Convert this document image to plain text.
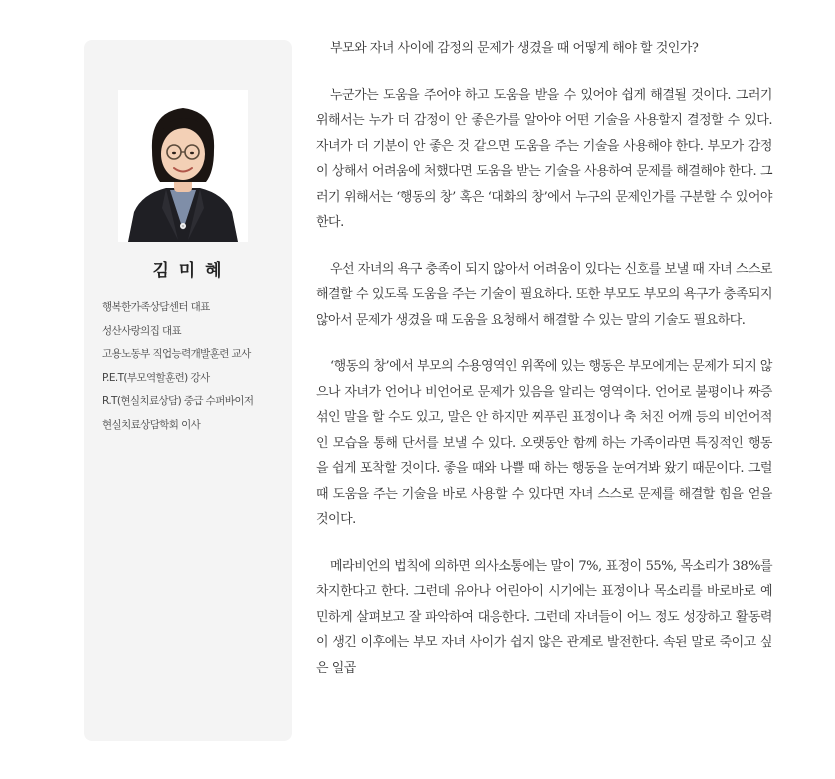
김 미 혜
행복한가족상담센터 대표
성산사랑의집 대표
고용노동부 직업능력개발훈련 교사
P.E.T(부모역할훈련) 강사
R.T(현실치료상담) 중급 수퍼바이저
현실치료상담학회 이사

부모와 자녀 사이에 감정의 문제가 생겼을 때 어떻게 해야 할 것인가?

누군가는 도움을 주어야 하고 도움을 받을 수 있어야 쉽게 해결될 것이다. 그러기 위해서는 누가 더 감정이 안 좋은가를 알아야 어떤 기술을 사용할지 결정할 수 있다. 자녀가 더 기분이 안 좋은 것 같으면 도움을 주는 기술을 사용해야 한다. 부모가 감정이 상해서 어려움에 처했다면 도움을 받는 기술을 사용하여 문제를 해결해야 한다. 그러기 위해서는 ‘행동의 창’ 혹은 ‘대화의 창’에서 누구의 문제인가를 구분할 수 있어야 한다.

우선 자녀의 욕구 충족이 되지 않아서 어려움이 있다는 신호를 보낼 때 자녀 스스로 해결할 수 있도록 도움을 주는 기술이 필요하다. 또한 부모도 부모의 욕구가 충족되지 않아서 문제가 생겼을 때 도움을 요청해서 해결할 수 있는 말의 기술도 필요하다.

‘행동의 창’에서 부모의 수용영역인 위쪽에 있는 행동은 부모에게는 문제가 되지 않으나 자녀가 언어나 비언어로 문제가 있음을 알리는 영역이다. 언어로 불평이나 짜증 섞인 말을 할 수도 있고, 말은 안 하지만 찌푸린 표정이나 축 처진 어깨 등의 비언어적인 모습을 통해 단서를 보낼 수 있다. 오랫동안 함께 하는 가족이라면 특징적인 행동을 쉽게 포착할 것이다. 좋을 때와 나쁠 때 하는 행동을 눈여겨봐 왔기 때문이다. 그럴 때 도움을 주는 기술을 바로 사용할 수 있다면 자녀 스스로 문제를 해결할 힘을 얻을 것이다.

메라비언의 법칙에 의하면 의사소통에는 말이 7%, 표정이 55%, 목소리가 38%를 차지한다고 한다. 그런데 유아나 어린아이 시기에는 표정이나 목소리를 바로바로 예민하게 살펴보고 잘 파악하여 대응한다. 그런데 자녀들이 어느 정도 성장하고 활동력이 생긴 이후에는 부모 자녀 사이가 쉽지 않은 관계로 발전한다. 속된 말로 죽이고 싶은 일곱
